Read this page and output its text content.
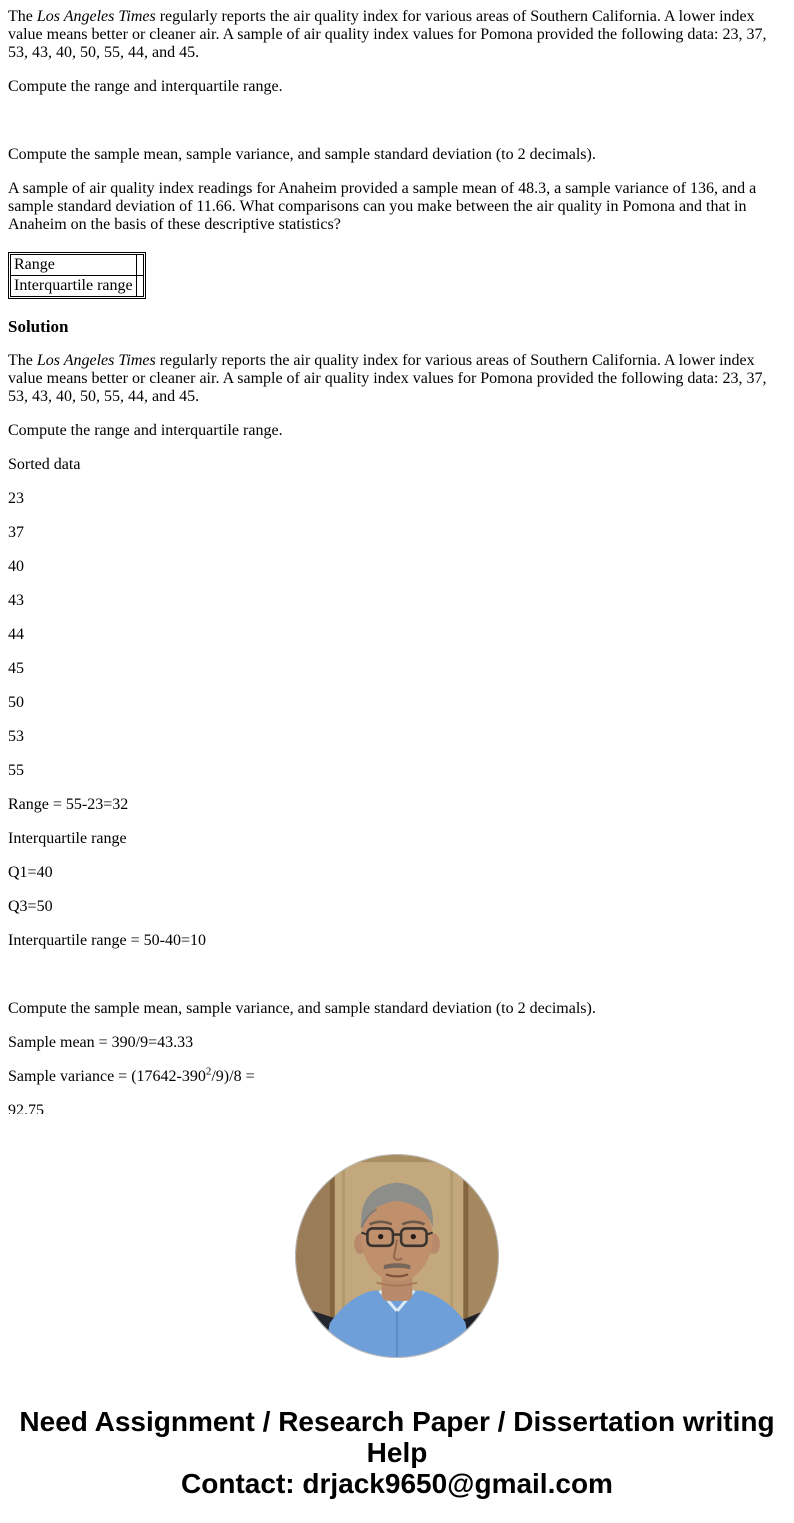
The Los Angeles Times regularly reports the air quality index for various areas of Southern California. A lower index value means better or cleaner air. A sample of air quality index values for Pomona provided the following data: 23, 37, 53, 43, 40, 50, 55, 44, and 45.

Compute the range and interquartile range.

Compute the sample mean, sample variance, and sample standard deviation (to 2 decimals).

A sample of air quality index readings for Anaheim provided a sample mean of 48.3, a sample variance of 136, and a sample standard deviation of 11.66. What comparisons can you make between the air quality in Pomona and that in Anaheim on the basis of these descriptive statistics?

Range	
Interquartile range	

Solution

The Los Angeles Times regularly reports the air quality index for various areas of Southern California. A lower index value means better or cleaner air. A sample of air quality index values for Pomona provided the following data: 23, 37, 53, 43, 40, 50, 55, 44, and 45.

Compute the range and interquartile range.

Sorted data

23

37

40

43

44

45

50

53

55

Range = 55-23=32

Interquartile range

Q1=40

Q3=50

Interquartile range = 50-40=10

Compute the sample mean, sample variance, and sample standard deviation (to 2 decimals).

Sample mean = 390/9=43.33

Sample variance = $(17642-390^2/9)/8$ =

92.75

Need Assignment / Research Paper / Dissertation writing Help
Contact: drjack9650@gmail.com
